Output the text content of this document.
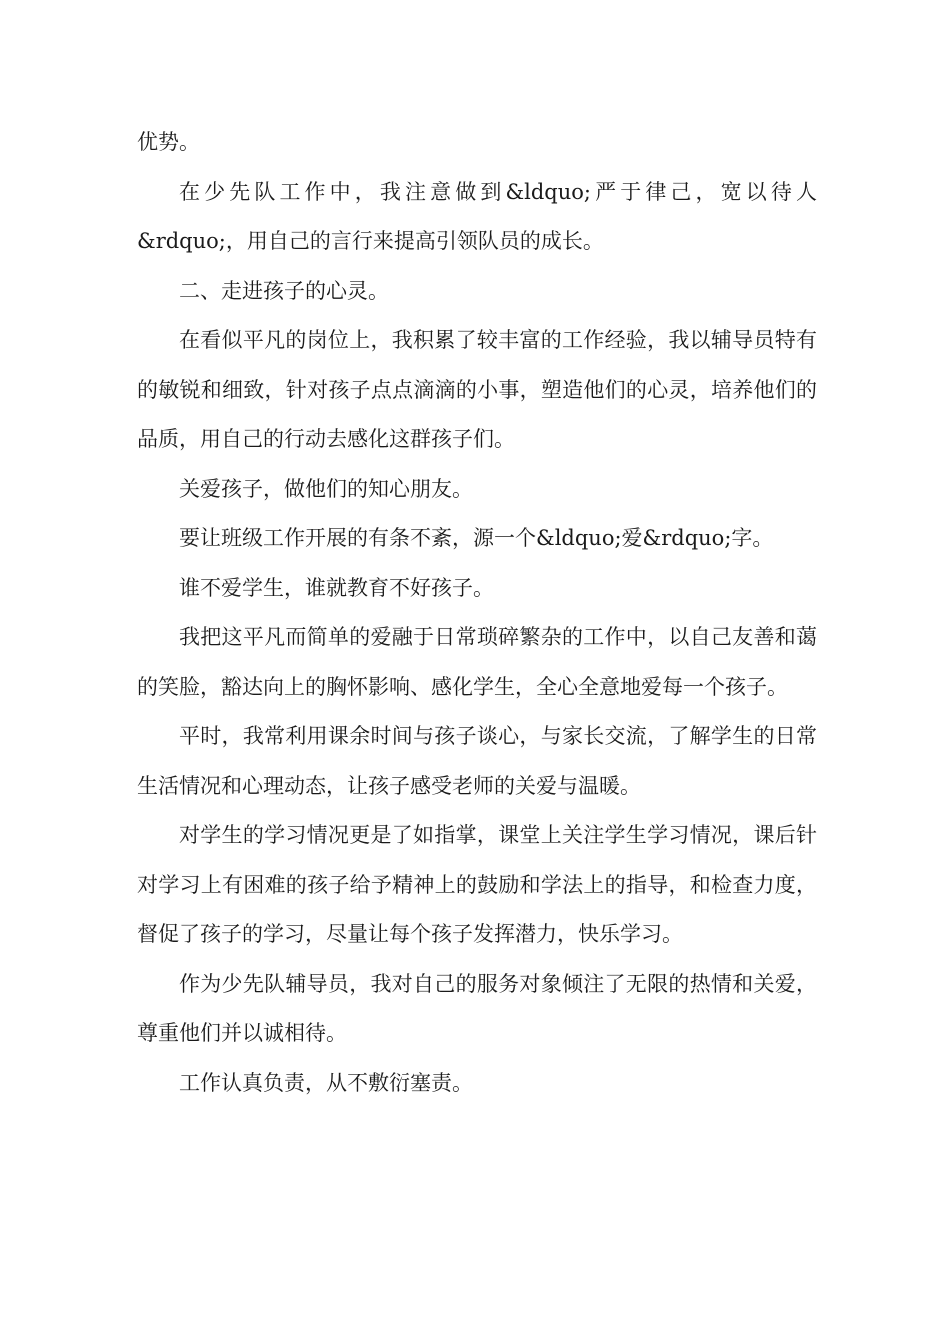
优势。

在少先队工作中，我注意做到&ldquo;严于律己，宽以待人&rdquo;，用自己的言行来提高引领队员的成长。

二、走进孩子的心灵。

在看似平凡的岗位上，我积累了较丰富的工作经验，我以辅导员特有的敏锐和细致，针对孩子点点滴滴的小事，塑造他们的心灵，培养他们的品质，用自己的行动去感化这群孩子们。

关爱孩子，做他们的知心朋友。

要让班级工作开展的有条不紊，源一个&ldquo;爱&rdquo;字。

谁不爱学生，谁就教育不好孩子。

我把这平凡而简单的爱融于日常琐碎繁杂的工作中，以自己友善和蔼的笑脸，豁达向上的胸怀影响、感化学生，全心全意地爱每一个孩子。

平时，我常利用课余时间与孩子谈心，与家长交流，了解学生的日常生活情况和心理动态，让孩子感受老师的关爱与温暖。

对学生的学习情况更是了如指掌，课堂上关注学生学习情况，课后针对学习上有困难的孩子给予精神上的鼓励和学法上的指导，和检查力度，督促了孩子的学习，尽量让每个孩子发挥潜力，快乐学习。

作为少先队辅导员，我对自己的服务对象倾注了无限的热情和关爱，尊重他们并以诚相待。

工作认真负责，从不敷衍塞责。
